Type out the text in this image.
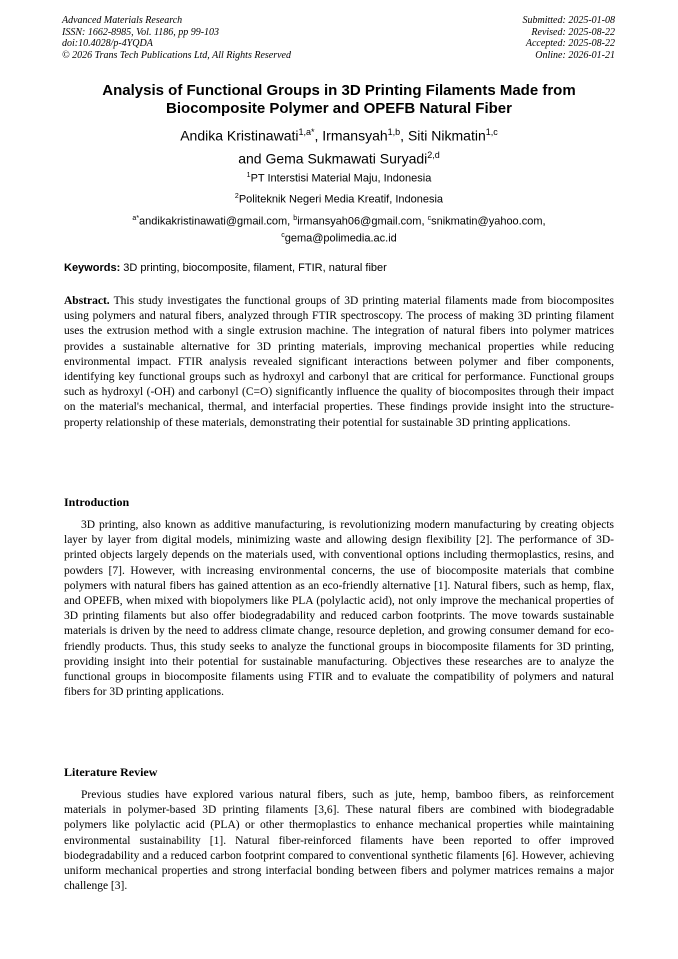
Advanced Materials Research
ISSN: 1662-8985, Vol. 1186, pp 99-103
doi:10.4028/p-4YQDA
© 2026 Trans Tech Publications Ltd, All Rights Reserved
Submitted: 2025-01-08
Revised: 2025-08-22
Accepted: 2025-08-22
Online: 2026-01-21
Analysis of Functional Groups in 3D Printing Filaments Made from
Biocomposite Polymer and OPEFB Natural Fiber
Andika Kristinawati$^{1,a*}$, Irmansyah$^{1,b}$, Siti Nikmatin$^{1,c}$
and Gema Sukmawati Suryadi$^{2,d}$
$^1$PT Interstisi Material Maju, Indonesia
$^2$Politeknik Negeri Media Kreatif, Indonesia
$^{a*}$andikakristinawati@gmail.com, $^b$irmansyah06@gmail.com, $^c$snikmatin@yahoo.com,
$^c$gema@polimedia.ac.id
Keywords: 3D printing, biocomposite, filament, FTIR, natural fiber
Abstract. This study investigates the functional groups of 3D printing material filaments made from biocomposites using polymers and natural fibers, analyzed through FTIR spectroscopy. The process of making 3D printing filament uses the extrusion method with a single extrusion machine. The integration of natural fibers into polymer matrices provides a sustainable alternative for 3D printing materials, improving mechanical properties while reducing environmental impact. FTIR analysis revealed significant interactions between polymer and fiber components, identifying key functional groups such as hydroxyl and carbonyl that are critical for performance. Functional groups such as hydroxyl (-OH) and carbonyl (C=O) significantly influence the quality of biocomposites through their impact on the material's mechanical, thermal, and interfacial properties. These findings provide insight into the structure-property relationship of these materials, demonstrating their potential for sustainable 3D printing applications.
Introduction
3D printing, also known as additive manufacturing, is revolutionizing modern manufacturing by creating objects layer by layer from digital models, minimizing waste and allowing design flexibility [2]. The performance of 3D-printed objects largely depends on the materials used, with conventional options including thermoplastics, resins, and powders [7]. However, with increasing environmental concerns, the use of biocomposite materials that combine polymers with natural fibers has gained attention as an eco-friendly alternative [1]. Natural fibers, such as hemp, flax, and OPEFB, when mixed with biopolymers like PLA (polylactic acid), not only improve the mechanical properties of 3D printing filaments but also offer biodegradability and reduced carbon footprints. The move towards sustainable materials is driven by the need to address climate change, resource depletion, and growing consumer demand for eco-friendly products. Thus, this study seeks to analyze the functional groups in biocomposite filaments for 3D printing, providing insight into their potential for sustainable manufacturing. Objectives these researches are to analyze the functional groups in biocomposite filaments using FTIR and to evaluate the compatibility of polymers and natural fibers for 3D printing applications.
Literature Review
Previous studies have explored various natural fibers, such as jute, hemp, bamboo fibers, as reinforcement materials in polymer-based 3D printing filaments [3,6]. These natural fibers are combined with biodegradable polymers like polylactic acid (PLA) or other thermoplastics to enhance mechanical properties while maintaining environmental sustainability [1]. Natural fiber-reinforced filaments have been reported to offer improved biodegradability and a reduced carbon footprint compared to conventional synthetic filaments [6]. However, achieving uniform mechanical properties and strong interfacial bonding between fibers and polymer matrices remains a major challenge [3].
